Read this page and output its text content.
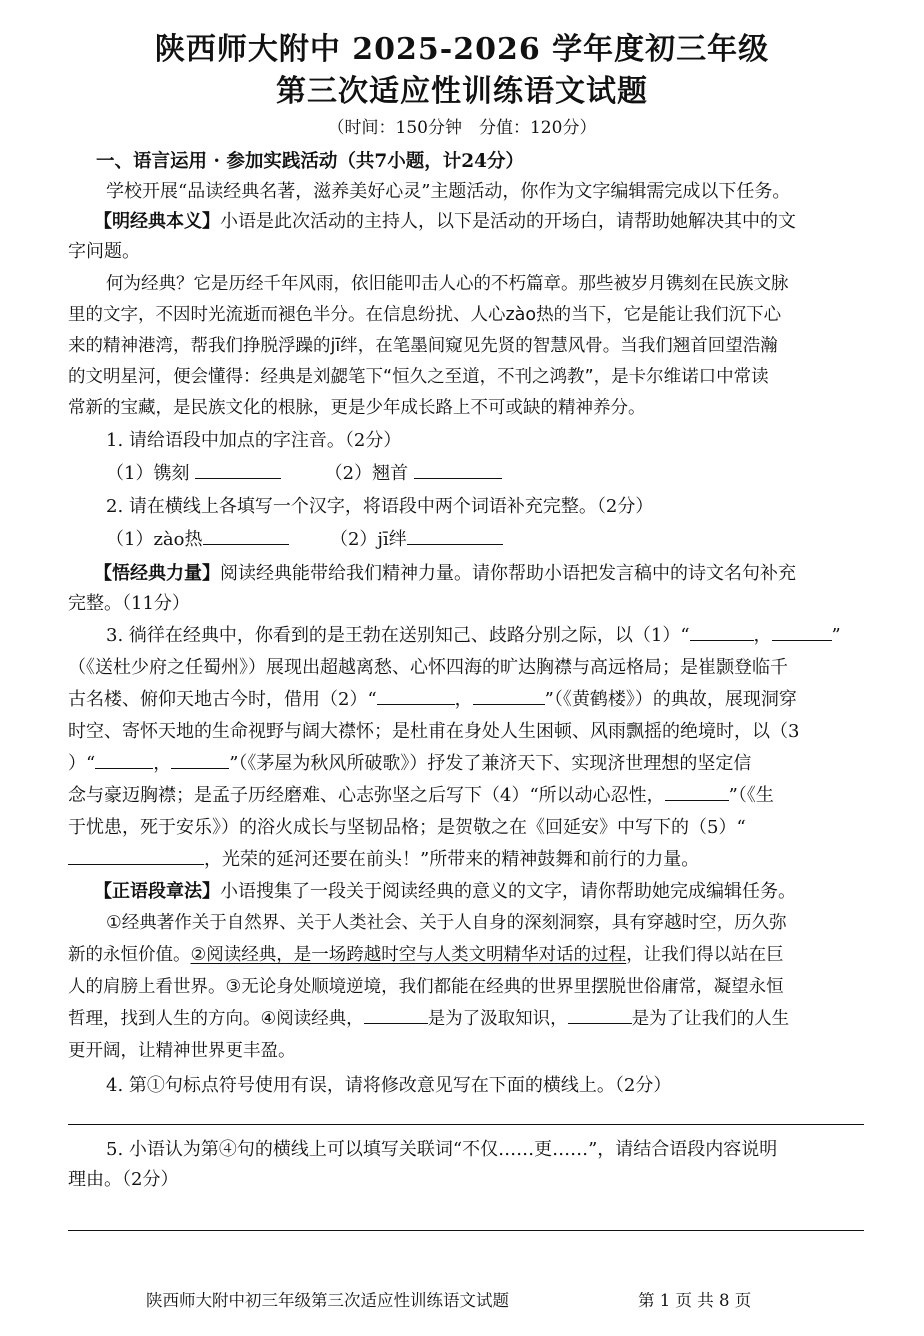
陕西师大附中 2025-2026 学年度初三年级
第三次适应性训练语文试题
（时间：150分钟　分值：120分）
一、语言运用 · 参加实践活动（共7小题，计24分）
学校开展“品读经典名著，滋养美好心灵”主题活动，你作为文字编辑需完成以下任务。
【明经典本义】小语是此次活动的主持人，以下是活动的开场白，请帮助她解决其中的文
字问题。
何为经典？它是历经千年风雨，依旧能叩击人心的不朽篇章。那些被岁月镌刻在民族文脉
里的文字，不因时光流逝而褪色半分。在信息纷扰、人心zào热的当下，它是能让我们沉下心
来的精神港湾，帮我们挣脱浮躁的jī绊，在笔墨间窥见先贤的智慧风骨。当我们翘首回望浩瀚
的文明星河，便会懂得：经典是刘勰笔下“恒久之至道，不刊之鸿教”，是卡尔维诺口中常读
常新的宝藏，是民族文化的根脉，更是少年成长路上不可或缺的精神养分。
1. 请给语段中加点的字注音。（2分）
（1）镌刻	（2）翘首
2. 请在横线上各填写一个汉字，将语段中两个词语补充完整。（2分）
（1）zào热	（2）jī绊
【悟经典力量】阅读经典能带给我们精神力量。请你帮助小语把发言稿中的诗文名句补充
完整。（11分）
3. 徜徉在经典中，你看到的是王勃在送别知己、歧路分别之际，以（1）“	，	”
（《送杜少府之任蜀州》）展现出超越离愁、心怀四海的旷达胸襟与高远格局；是崔颢登临千
古名楼、俯仰天地古今时，借用（2）“	，	”（《黄鹤楼》）的典故，展现洞穿
时空、寄怀天地的生命视野与阔大襟怀；是杜甫在身处人生困顿、风雨飘摇的绝境时，以（3
）“	，	”（《茅屋为秋风所破歌》）抒发了兼济天下、实现济世理想的坚定信
念与豪迈胸襟；是孟子历经磨难、心志弥坚之后写下（4）“所以动心忍性，	”（《生
于忧患，死于安乐》）的浴火成长与坚韧品格；是贺敬之在《回延安》中写下的（5）“
，光荣的延河还要在前头！”所带来的精神鼓舞和前行的力量。
【正语段章法】小语搜集了一段关于阅读经典的意义的文字，请你帮助她完成编辑任务。
①经典著作关于自然界、关于人类社会、关于人自身的深刻洞察，具有穿越时空，历久弥
新的永恒价值。②阅读经典，是一场跨越时空与人类文明精华对话的过程，让我们得以站在巨
人的肩膀上看世界。③无论身处顺境逆境，我们都能在经典的世界里摆脱世俗庸常，凝望永恒
哲理，找到人生的方向。④阅读经典，	是为了汲取知识，	是为了让我们的人生
更开阔，让精神世界更丰盈。
4. 第①句标点符号使用有误，请将修改意见写在下面的横线上。（2分）
5. 小语认为第④句的横线上可以填写关联词“不仅……更……”，请结合语段内容说明
理由。（2分）
陕西师大附中初三年级第三次适应性训练语文试题	第 1 页 共 8 页
